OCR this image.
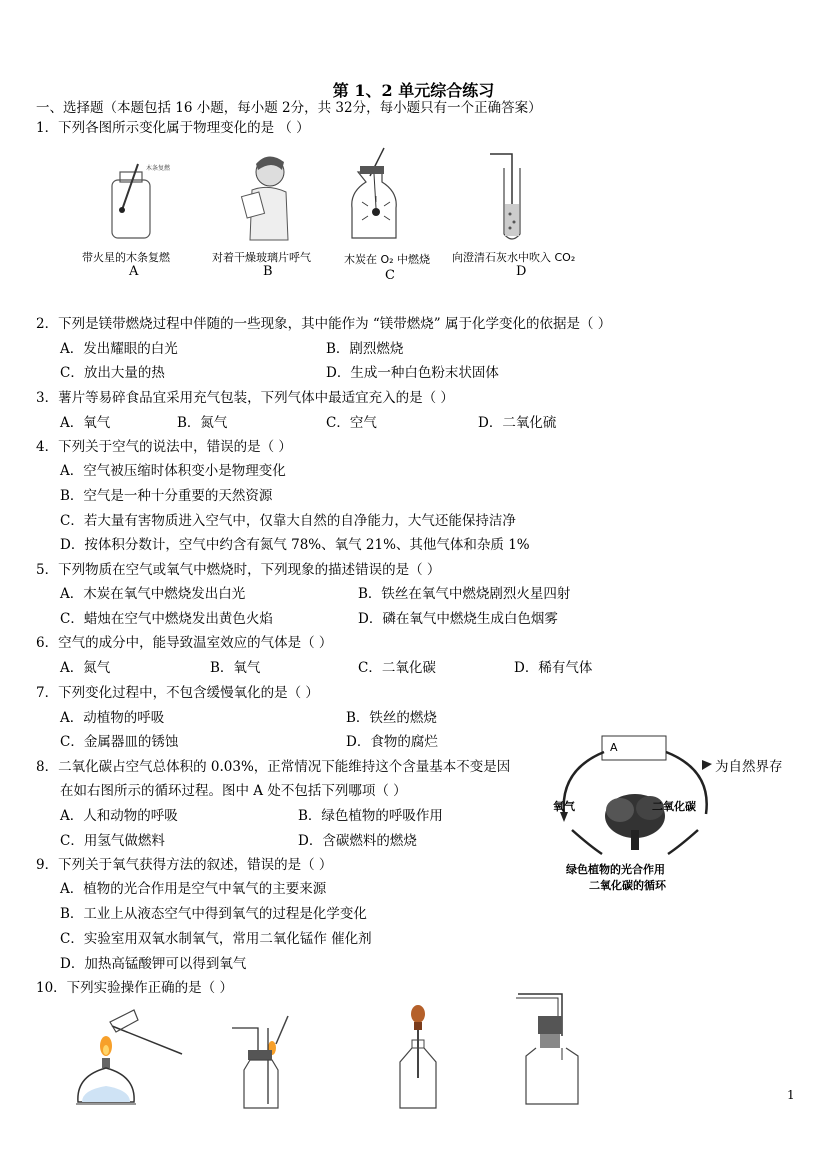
第 1、2 单元综合练习
一、选择题（本题包括 16 小题，每小题 2分，共 32分，每小题只有一个正确答案）
1．下列各图所示变化属于物理变化的是 （ ）
木条复燃
带火星的木条复燃	对着干燥玻璃片呼气	木炭在 O₂ 中燃烧 向澄清石灰水中吹入 CO₂
A	B	C	D
2．下列是镁带燃烧过程中伴随的一些现象，其中能作为 “镁带燃烧” 属于化学变化的依据是（ ）
A．发出耀眼的白光	B．剧烈燃烧
C．放出大量的热	D．生成一种白色粉末状固体
3．薯片等易碎食品宜采用充气包装，下列气体中最适宜充入的是（ ）
A．氧气	B．氮气	C．空气	D．二氧化硫
4．下列关于空气的说法中，错误的是（ ）
A．空气被压缩时体积变小是物理变化
B．空气是一种十分重要的天然资源
C．若大量有害物质进入空气中，仅靠大自然的自净能力，大气还能保持洁净
D．按体积分数计，空气中约含有氮气 78%、氧气 21%、其他气体和杂质 1%
5．下列物质在空气或氧气中燃烧时，下列现象的描述错误的是（ ）
A．木炭在氧气中燃烧发出白光	B．铁丝在氧气中燃烧剧烈火星四射
C．蜡烛在空气中燃烧发出黄色火焰	D．磷在氧气中燃烧生成白色烟雾
6．空气的成分中，能导致温室效应的气体是（ ）
A．氮气	B．氧气	C．二氧化碳	D．稀有气体
7．下列变化过程中，不包含缓慢氧化的是（ ）
A．动植物的呼吸	B．铁丝的燃烧
C．金属器皿的锈蚀	D．食物的腐烂
8．二氧化碳占空气总体积的 0.03%，正常情况下能维持这个含量基本不变是因	为自然界存
在如右图所示的循环过程。图中 A 处不包括下列哪项（ ）
A．人和动物的呼吸	B．绿色植物的呼吸作用
C．用氢气做燃料	D．含碳燃料的燃烧
A
氧气	二氧化碳
绿色植物的光合作用
二氧化碳的循环
9．下列关于氧气获得方法的叙述，错误的是（ ）
A．植物的光合作用是空气中氧气的主要来源
B．工业上从液态空气中得到氧气的过程是化学变化
C．实验室用双氧水制氧气，常用二氧化锰作 催化剂
D．加热高锰酸钾可以得到氧气
10．下列实验操作正确的是（ ）
1
